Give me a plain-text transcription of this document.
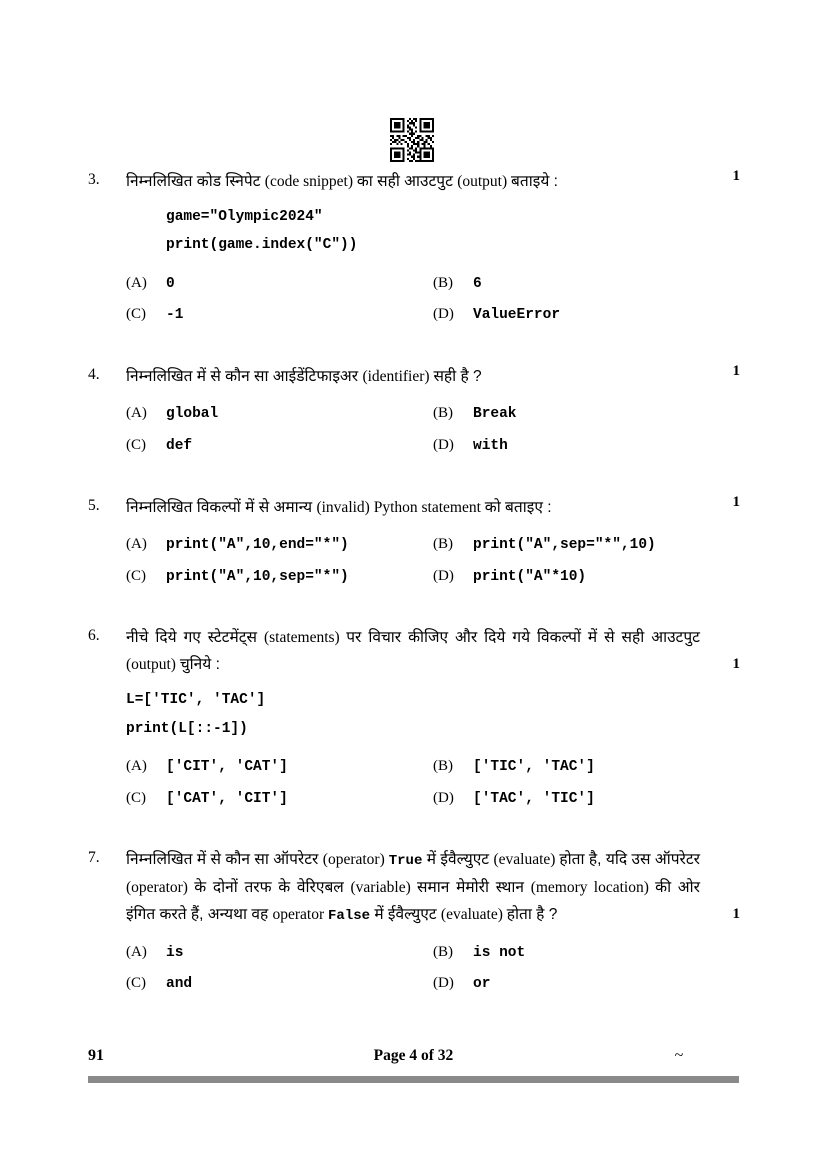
3.	निम्नलिखित कोड स्निपेट (code snippet) का सही आउटपुट (output) बताइये :	1
game="Olympic2024"
print(game.index("C"))
(A)	0	(B)	6
(C)	-1	(D)	ValueError
4.	निम्नलिखित में से कौन सा आईडेंटिफाइअर (identifier) सही है ?	1
(A)	global	(B)	Break
(C)	def	(D)	with
5.	निम्नलिखित विकल्पों में से अमान्य (invalid) Python statement को बताइए :	1
(A)	print("A",10,end="*")	(B)	print("A",sep="*",10)
(C)	print("A",10,sep="*")	(D)	print("A"*10)
6.	नीचे दिये गए स्टेटमेंट्स (statements) पर विचार कीजिए और दिये गये विकल्पों में से सही आउटपुट (output) चुनिये :	1
L=['TIC', 'TAC']
print(L[::-1])
(A)	['CIT', 'CAT']	(B)	['TIC', 'TAC']
(C)	['CAT', 'CIT']	(D)	['TAC', 'TIC']
7.	निम्नलिखित में से कौन सा ऑपरेटर (operator) True में ईवैल्युएट (evaluate) होता है, यदि उस ऑपरेटर (operator) के दोनों तरफ के वेरिएबल (variable) समान मेमोरी स्थान (memory location) की ओर इंगित करते हैं, अन्यथा वह operator False में ईवैल्युएट (evaluate) होता है ?	1
(A)	is	(B)	is not
(C)	and	(D)	or
91	Page 4 of 32	~
